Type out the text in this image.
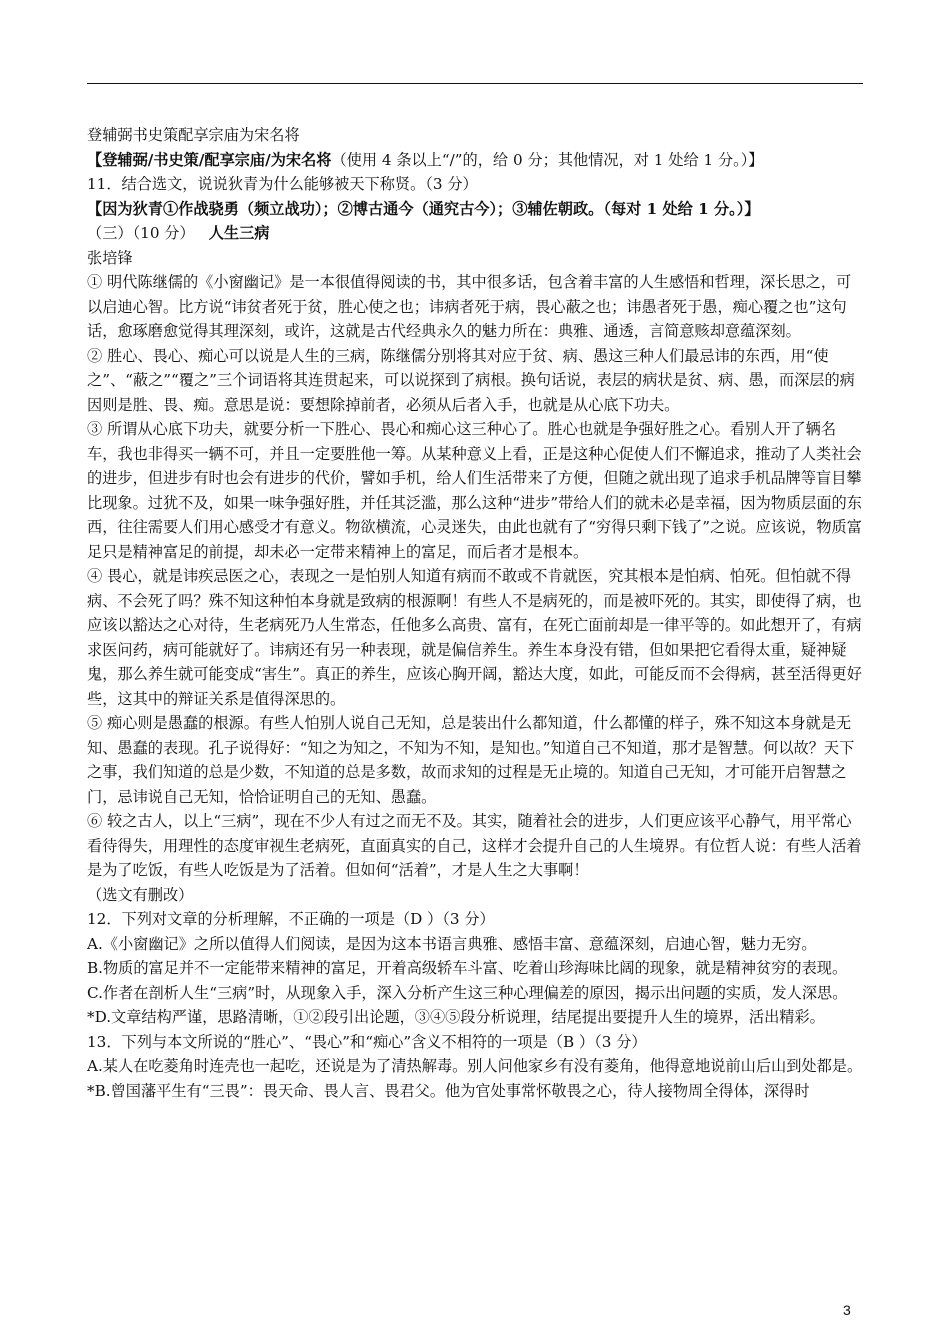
登辅弼书史策配享宗庙为宋名将

【登辅弼/书史策/配享宗庙/为宋名将（使用 4 条以上“/”的，给 0 分；其他情况，对 1 处给 1 分。）】

11．结合选文，说说狄青为什么能够被天下称贤。（3 分）

【因为狄青①作战骁勇（频立战功）；②博古通今（通究古今）；③辅佐朝政。（每对 1 处给 1 分。）】

（三）（10 分） 人生三病

张培锋

① 明代陈继儒的《小窗幽记》是一本很值得阅读的书，其中很多话，包含着丰富的人生感悟和哲理，深长思之，可以启迪心智。比方说“讳贫者死于贫，胜心使之也；讳病者死于病，畏心蔽之也；讳愚者死于愚，痴心覆之也”这句话，愈琢磨愈觉得其理深刻，或许，这就是古代经典永久的魅力所在：典雅、通透，言简意赅却意蕴深刻。

② 胜心、畏心、痴心可以说是人生的三病，陈继儒分别将其对应于贫、病、愚这三种人们最忌讳的东西，用“使之”、“蔽之”“覆之”三个词语将其连贯起来，可以说探到了病根。换句话说，表层的病状是贫、病、愚，而深层的病因则是胜、畏、痴。意思是说：要想除掉前者，必须从后者入手，也就是从心底下功夫。

③ 所谓从心底下功夫，就要分析一下胜心、畏心和痴心这三种心了。胜心也就是争强好胜之心。看别人开了辆名车，我也非得买一辆不可，并且一定要胜他一筹。从某种意义上看，正是这种心促使人们不懈追求，推动了人类社会的进步，但进步有时也会有进步的代价，譬如手机，给人们生活带来了方便，但随之就出现了追求手机品牌等盲目攀比现象。过犹不及，如果一味争强好胜，并任其泛滥，那么这种“进步”带给人们的就未必是幸福，因为物质层面的东西，往往需要人们用心感受才有意义。物欲横流，心灵迷失，由此也就有了“穷得只剩下钱了”之说。应该说，物质富足只是精神富足的前提，却未必一定带来精神上的富足，而后者才是根本。

④ 畏心，就是讳疾忌医之心，表现之一是怕别人知道有病而不敢或不肯就医，究其根本是怕病、怕死。但怕就不得病、不会死了吗？殊不知这种怕本身就是致病的根源啊！有些人不是病死的，而是被吓死的。其实，即使得了病，也应该以豁达之心对待，生老病死乃人生常态，任他多么高贵、富有，在死亡面前却是一律平等的。如此想开了，有病求医问药，病可能就好了。讳病还有另一种表现，就是偏信养生。养生本身没有错，但如果把它看得太重，疑神疑鬼，那么养生就可能变成“害生”。真正的养生，应该心胸开阔，豁达大度，如此，可能反而不会得病，甚至活得更好些，这其中的辩证关系是值得深思的。

⑤ 痴心则是愚蠢的根源。有些人怕别人说自己无知，总是装出什么都知道，什么都懂的样子，殊不知这本身就是无知、愚蠢的表现。孔子说得好：“知之为知之，不知为不知，是知也。”知道自己不知道，那才是智慧。何以故？天下之事，我们知道的总是少数，不知道的总是多数，故而求知的过程是无止境的。知道自己无知，才可能开启智慧之门，忌讳说自己无知，恰恰证明自己的无知、愚蠢。

⑥ 较之古人，以上“三病”，现在不少人有过之而无不及。其实，随着社会的进步，人们更应该平心静气，用平常心看待得失，用理性的态度审视生老病死，直面真实的自己，这样才会提升自己的人生境界。有位哲人说：有些人活着是为了吃饭，有些人吃饭是为了活着。但如何“活着”，才是人生之大事啊！

（选文有删改）

12．下列对文章的分析理解，不正确的一项是（D ）（3 分）

A.《小窗幽记》之所以值得人们阅读，是因为这本书语言典雅、感悟丰富、意蕴深刻，启迪心智，魅力无穷。

B.物质的富足并不一定能带来精神的富足，开着高级轿车斗富、吃着山珍海味比阔的现象，就是精神贫穷的表现。

C.作者在剖析人生“三病”时，从现象入手，深入分析产生这三种心理偏差的原因，揭示出问题的实质，发人深思。

*D.文章结构严谨，思路清晰，①②段引出论题，③④⑤段分析说理，结尾提出要提升人生的境界，活出精彩。

13．下列与本文所说的“胜心”、“畏心”和“痴心”含义不相符的一项是（B ）（3 分）

A.某人在吃菱角时连壳也一起吃，还说是为了清热解毒。别人问他家乡有没有菱角，他得意地说前山后山到处都是。

*B.曾国藩平生有“三畏”：畏天命、畏人言、畏君父。他为官处事常怀敬畏之心，待人接物周全得体，深得时

3
